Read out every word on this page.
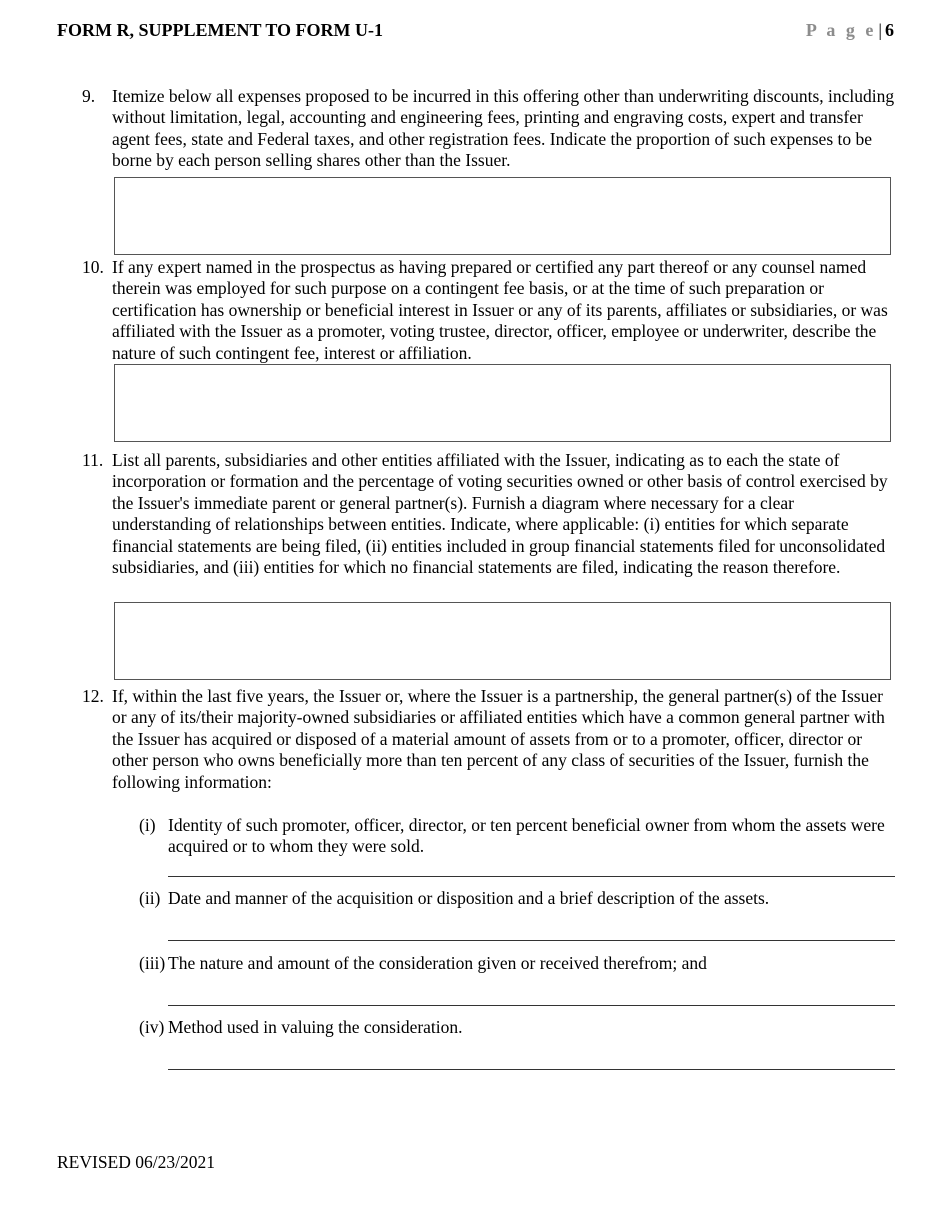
FORM R, SUPPLEMENT TO FORM U-1	P a g e | 6
9. Itemize below all expenses proposed to be incurred in this offering other than underwriting discounts, including without limitation, legal, accounting and engineering fees, printing and engraving costs, expert and transfer agent fees, state and Federal taxes, and other registration fees. Indicate the proportion of such expenses to be borne by each person selling shares other than the Issuer.
10. If any expert named in the prospectus as having prepared or certified any part thereof or any counsel named therein was employed for such purpose on a contingent fee basis, or at the time of such preparation or certification has ownership or beneficial interest in Issuer or any of its parents, affiliates or subsidiaries, or was affiliated with the Issuer as a promoter, voting trustee, director, officer, employee or underwriter, describe the nature of such contingent fee, interest or affiliation.
11. List all parents, subsidiaries and other entities affiliated with the Issuer, indicating as to each the state of incorporation or formation and the percentage of voting securities owned or other basis of control exercised by the Issuer's immediate parent or general partner(s). Furnish a diagram where necessary for a clear understanding of relationships between entities. Indicate, where applicable: (i) entities for which separate financial statements are being filed, (ii) entities included in group financial statements filed for unconsolidated subsidiaries, and (iii) entities for which no financial statements are filed, indicating the reason therefore.
12. If, within the last five years, the Issuer or, where the Issuer is a partnership, the general partner(s) of the Issuer or any of its/their majority-owned subsidiaries or affiliated entities which have a common general partner with the Issuer has acquired or disposed of a material amount of assets from or to a promoter, officer, director or other person who owns beneficially more than ten percent of any class of securities of the Issuer, furnish the following information:
(i) Identity of such promoter, officer, director, or ten percent beneficial owner from whom the assets were acquired or to whom they were sold.
(ii) Date and manner of the acquisition or disposition and a brief description of the assets.
(iii) The nature and amount of the consideration given or received therefrom; and
(iv) Method used in valuing the consideration.
REVISED 06/23/2021
